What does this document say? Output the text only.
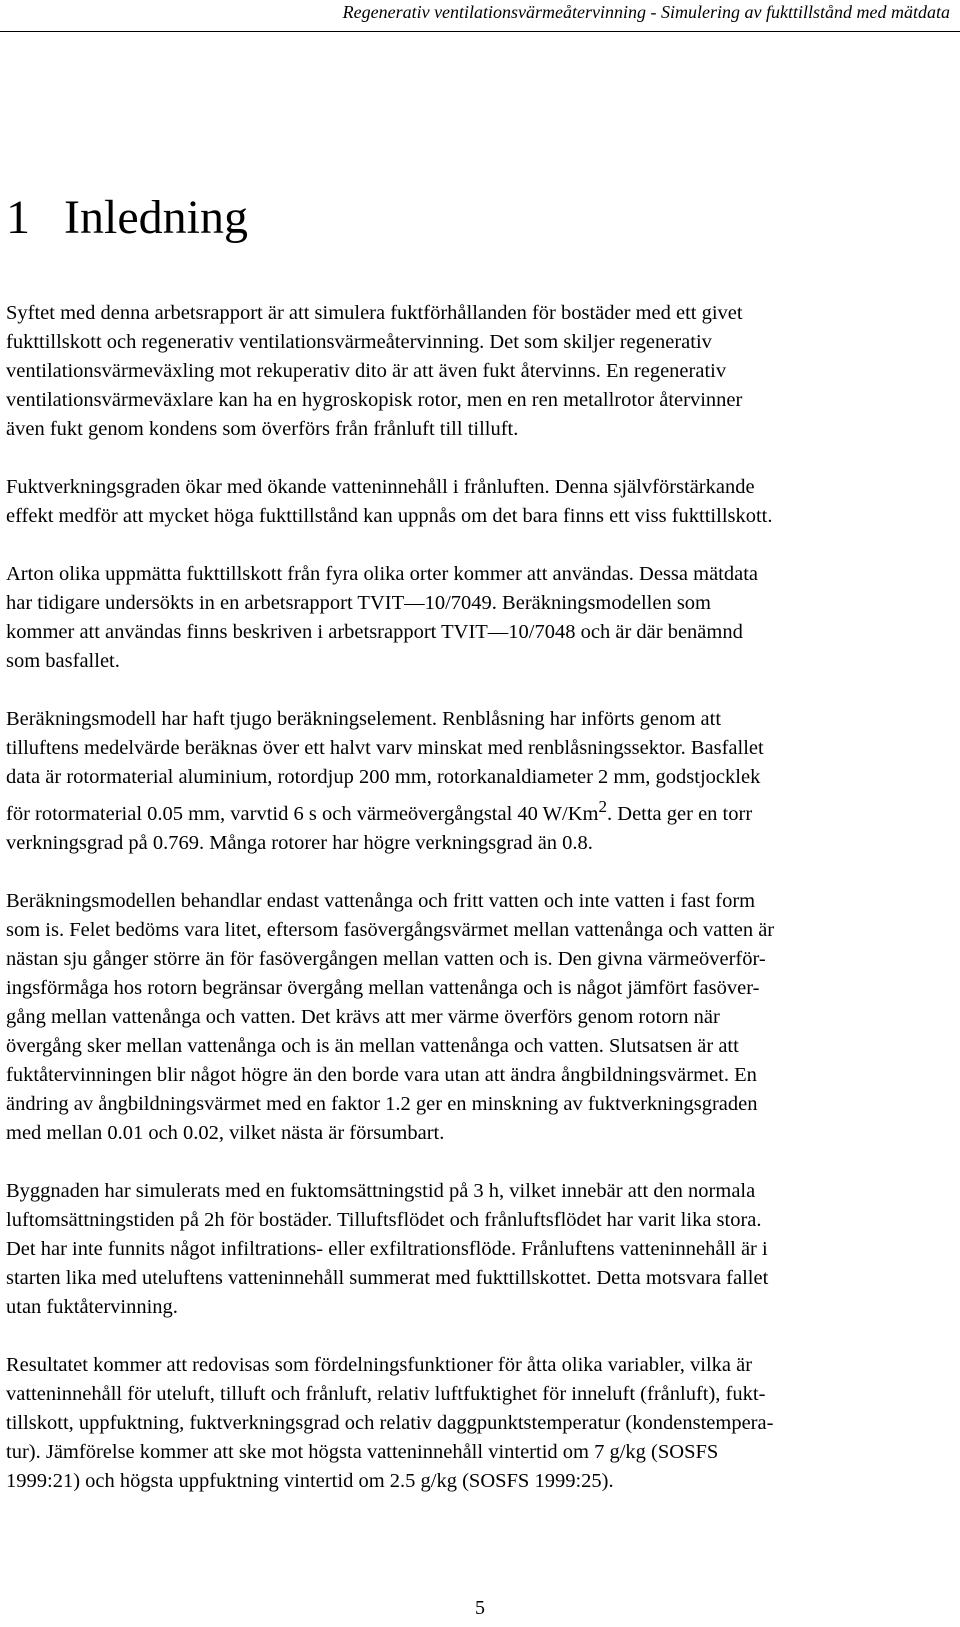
Regenerativ ventilationsvärmeåtervinning - Simulering av fukttillstånd med mätdata
1 Inledning

Syftet med denna arbetsrapport är att simulera fuktförhållanden för bostäder med ett givet
fukttillskott och regenerativ ventilationsvärmeåtervinning. Det som skiljer regenerativ
ventilationsvärmeväxling mot rekuperativ dito är att även fukt återvinns. En regenerativ
ventilationsvärmeväxlare kan ha en hygroskopisk rotor, men en ren metallrotor återvinner
även fukt genom kondens som överförs från frånluft till tilluft.

Fuktverkningsgraden ökar med ökande vatteninnehåll i frånluften. Denna självförstärkande
effekt medför att mycket höga fukttillstånd kan uppnås om det bara finns ett viss fukttillskott.

Arton olika uppmätta fukttillskott från fyra olika orter kommer att användas. Dessa mätdata
har tidigare undersökts in en arbetsrapport TVIT—10/7049. Beräkningsmodellen som
kommer att användas finns beskriven i arbetsrapport TVIT—10/7048 och är där benämnd
som basfallet.

Beräkningsmodell har haft tjugo beräkningselement. Renblåsning har införts genom att
tilluftens medelvärde beräknas över ett halvt varv minskat med renblåsningssektor. Basfallet
data är rotormaterial aluminium, rotordjup 200 mm, rotorkanaldiameter 2 mm, godstjocklek
för rotormaterial 0.05 mm, varvtid 6 s och värmeövergångstal 40 W/Km$^2$. Detta ger en torr
verkningsgrad på 0.769. Många rotorer har högre verkningsgrad än 0.8.

Beräkningsmodellen behandlar endast vattenånga och fritt vatten och inte vatten i fast form
som is. Felet bedöms vara litet, eftersom fasövergångsvärmet mellan vattenånga och vatten är
nästan sju gånger större än för fasövergången mellan vatten och is. Den givna värmeöverför-
ingsförmåga hos rotorn begränsar övergång mellan vattenånga och is något jämfört fasöver-
gång mellan vattenånga och vatten. Det krävs att mer värme överförs genom rotorn när
övergång sker mellan vattenånga och is än mellan vattenånga och vatten. Slutsatsen är att
fuktåtervinningen blir något högre än den borde vara utan att ändra ångbildningsvärmet. En
ändring av ångbildningsvärmet med en faktor 1.2 ger en minskning av fuktverkningsgraden
med mellan 0.01 och 0.02, vilket nästa är försumbart.

Byggnaden har simulerats med en fuktomsättningstid på 3 h, vilket innebär att den normala
luftomsättningstiden på 2h för bostäder. Tilluftsflödet och frånluftsflödet har varit lika stora.
Det har inte funnits något infiltrations- eller exfiltrationsflöde. Frånluftens vatteninnehåll är i
starten lika med uteluftens vatteninnehåll summerat med fukttillskottet. Detta motsvara fallet
utan fuktåtervinning.

Resultatet kommer att redovisas som fördelningsfunktioner för åtta olika variabler, vilka är
vatteninnehåll för uteluft, tilluft och frånluft, relativ luftfuktighet för inneluft (frånluft), fukt-
tillskott, uppfuktning, fuktverkningsgrad och relativ daggpunktstemperatur (kondenstempera-
tur). Jämförelse kommer att ske mot högsta vatteninnehåll vintertid om 7 g/kg (SOSFS
1999:21) och högsta uppfuktning vintertid om 2.5 g/kg (SOSFS 1999:25).

5
